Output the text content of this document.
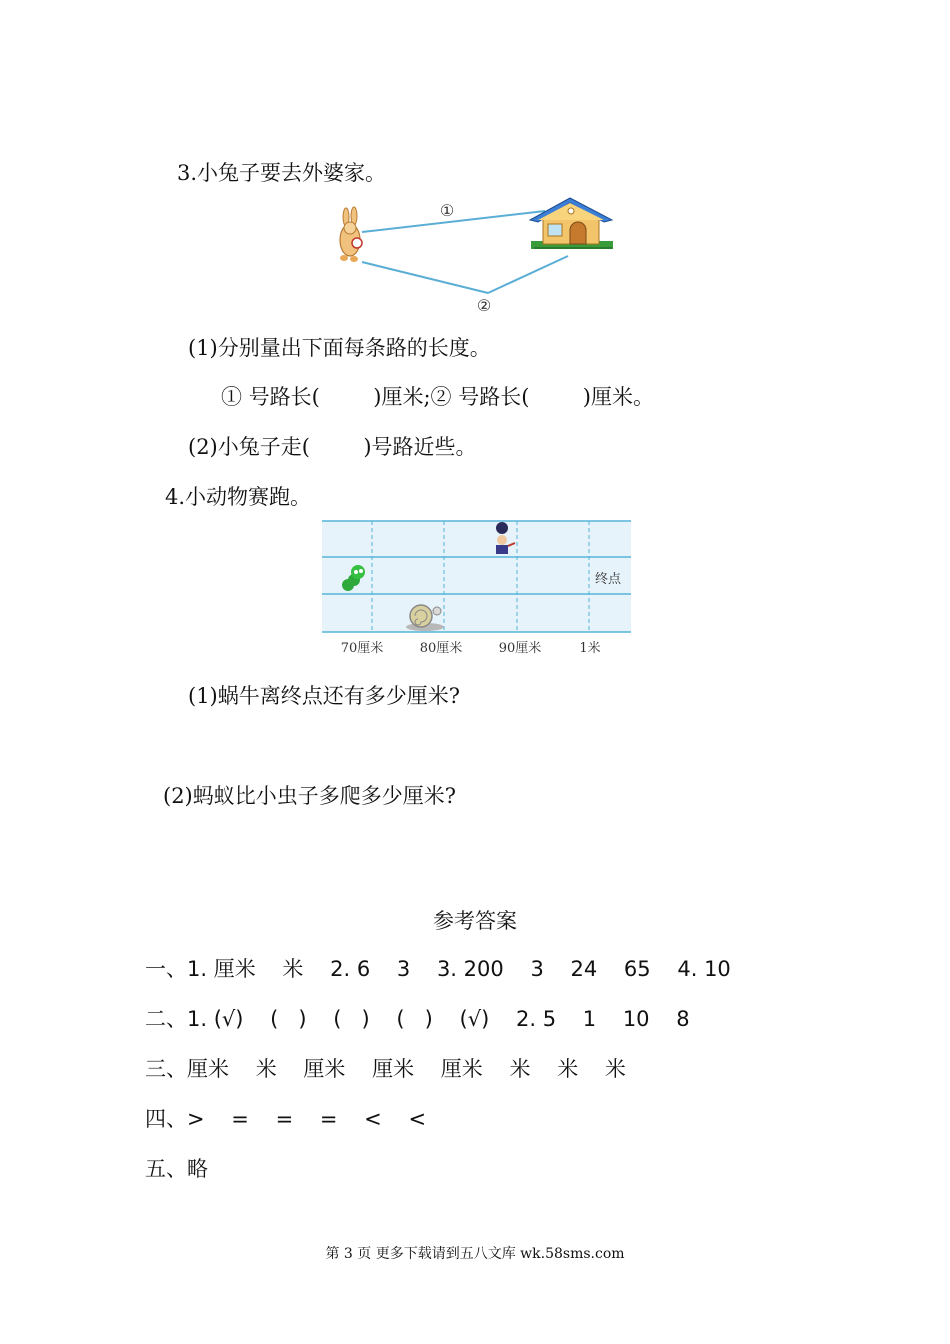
3.小兔子要去外婆家。
①
②
终点
70厘米	80厘米	90厘米	1米
(1)分别量出下面每条路的长度。
① 号路长(        )厘米;② 号路长(        )厘米。
(2)小兔子走(        )号路近些。
4.小动物赛跑。
(1)蜗牛离终点还有多少厘米?
(2)蚂蚁比小虫子多爬多少厘米?
参考答案
一、1. 厘米    米    2. 6    3    3. 200    3    24    65    4. 10
二、1. (√)    (   )    (   )    (   )    (√)    2. 5    1    10    8
三、厘米    米    厘米    厘米    厘米    米    米    米
四、>    =    =    =    <    <
五、略
第 3 页 更多下载请到五八文库 wk.58sms.com
